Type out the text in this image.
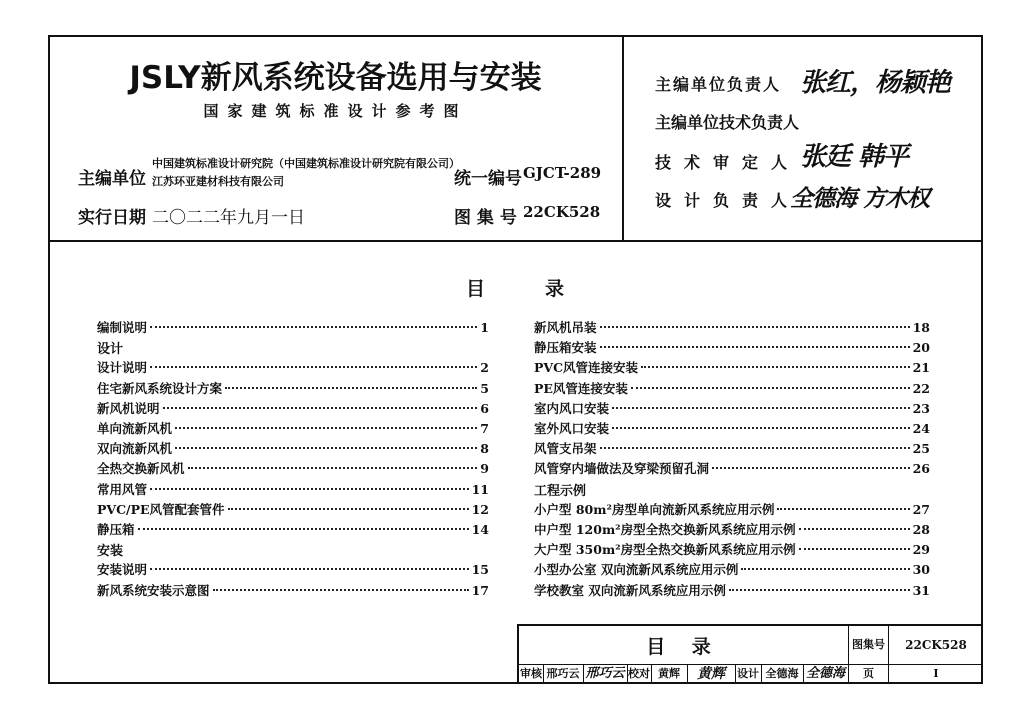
JSLY新风系统设备选用与安装
国家建筑标准设计参考图
主编单位
中国建筑标准设计研究院（中国建筑标准设计研究院有限公司）
江苏环亚建材科技有限公司	统一编号 GJCT-289
实行日期 二〇二二年九月一日	图 集 号 22CK528
主编单位负责人 张红，杨颖艳
主编单位技术负责人
技术审定人 张廷 韩平
设计负责人
全德海 方木权
目	录
编制说明	1
设计
设计说明	2
住宅新风系统设计方案	5
新风机说明	6
单向流新风机	7
双向流新风机	8
全热交换新风机	9
常用风管	11
PVC/PE风管配套管件	12
静压箱	14
安装
安装说明	15
新风系统安装示意图	17
新风机吊装	18
静压箱安装	20
PVC风管连接安装	21
PE风管连接安装	22
室内风口安装	23
室外风口安装	24
风管支吊架	25
风管穿内墙做法及穿梁预留孔洞	26
工程示例
小户型 80m²房型单向流新风系统应用示例	27
中户型 120m²房型全热交换新风系统应用示例	28
大户型 350m²房型全热交换新风系统应用示例	29
小型办公室 双向流新风系统应用示例	30
学校教室 双向流新风系统应用示例	31
目 录	图集号	22CK528
审核 邢巧云 邢巧云 校对 黄辉	黄辉	设计 全德海 全德海	页	I
